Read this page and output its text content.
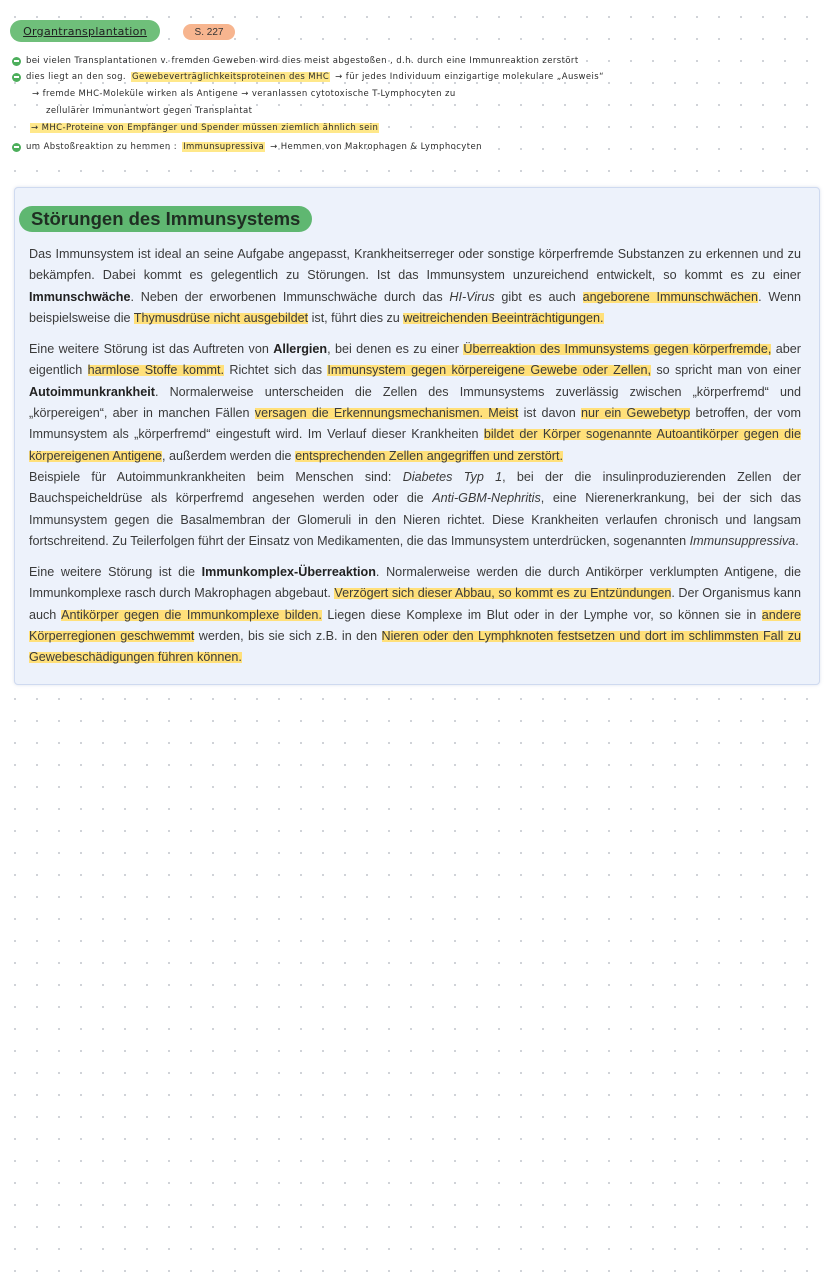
Organtransplantation	S. 227
bei vielen Transplantationen v. fremden Geweben wird dies meist abgestoßen , d.h. durch eine Immunreaktion zerstört
dies liegt an den sog. Gewebeverträglichkeitsproteinen des MHC → für jedes Individuum einzigartige molekulare „Ausweis“
→ fremde MHC-Moleküle wirken als Antigene → veranlassen cytotoxische T-Lymphocyten zu
zellulärer Immunantwort gegen Transplantat
→ MHC-Proteine von Empfänger und Spender müssen ziemlich ähnlich sein
um Abstoßreaktion zu hemmen : Immunsupressiva → Hemmen von Makrophagen & Lymphocyten
Störungen des Immunsystems

Das Immunsystem ist ideal an seine Aufgabe angepasst, Krankheitserreger oder sonstige körperfremde Substanzen zu erkennen und zu bekämpfen. Dabei kommt es gelegentlich zu Störungen. Ist das Immunsystem unzureichend entwickelt, so kommt es zu einer Immunschwäche. Neben der erworbenen Immunschwäche durch das HI-Virus gibt es auch angeborene Immunschwächen. Wenn beispielsweise die Thymusdrüse nicht ausgebildet ist, führt dies zu weitreichenden Beeinträchtigungen.

Eine weitere Störung ist das Auftreten von Allergien, bei denen es zu einer Überreaktion des Immunsystems gegen körperfremde, aber eigentlich harmlose Stoffe kommt. Richtet sich das Immunsystem gegen körpereigene Gewebe oder Zellen, so spricht man von einer Autoimmunkrankheit. Normalerweise unterscheiden die Zellen des Immunsystems zuverlässig zwischen „körperfremd“ und „körpereigen“, aber in manchen Fällen versagen die Erkennungsmechanismen. Meist ist davon nur ein Gewebetyp betroffen, der vom Immunsystem als „körperfremd“ eingestuft wird. Im Verlauf dieser Krankheiten bildet der Körper sogenannte Autoantikörper gegen die körpereigenen Antigene, außerdem werden die entsprechenden Zellen angegriffen und zerstört.
Beispiele für Autoimmunkrankheiten beim Menschen sind: Diabetes Typ 1, bei der die insulinproduzierenden Zellen der Bauchspeicheldrüse als körperfremd angesehen werden oder die Anti-GBM-Nephritis, eine Nierenerkrankung, bei der sich das Immunsystem gegen die Basalmembran der Glomeruli in den Nieren richtet. Diese Krankheiten verlaufen chronisch und langsam fortschreitend. Zu Teilerfolgen führt der Einsatz von Medikamenten, die das Immunsystem unterdrücken, sogenannten Immunsuppressiva.

Eine weitere Störung ist die Immunkomplex-Überreaktion. Normalerweise werden die durch Antikörper verklumpten Antigene, die Immunkomplexe rasch durch Makrophagen abgebaut. Verzögert sich dieser Abbau, so kommt es zu Entzündungen. Der Organismus kann auch Antikörper gegen die Immunkomplexe bilden. Liegen diese Komplexe im Blut oder in der Lymphe vor, so können sie in andere Körperregionen geschwemmt werden, bis sie sich z.B. in den Nieren oder den Lymphknoten festsetzen und dort im schlimmsten Fall zu Gewebeschädigungen führen können.
